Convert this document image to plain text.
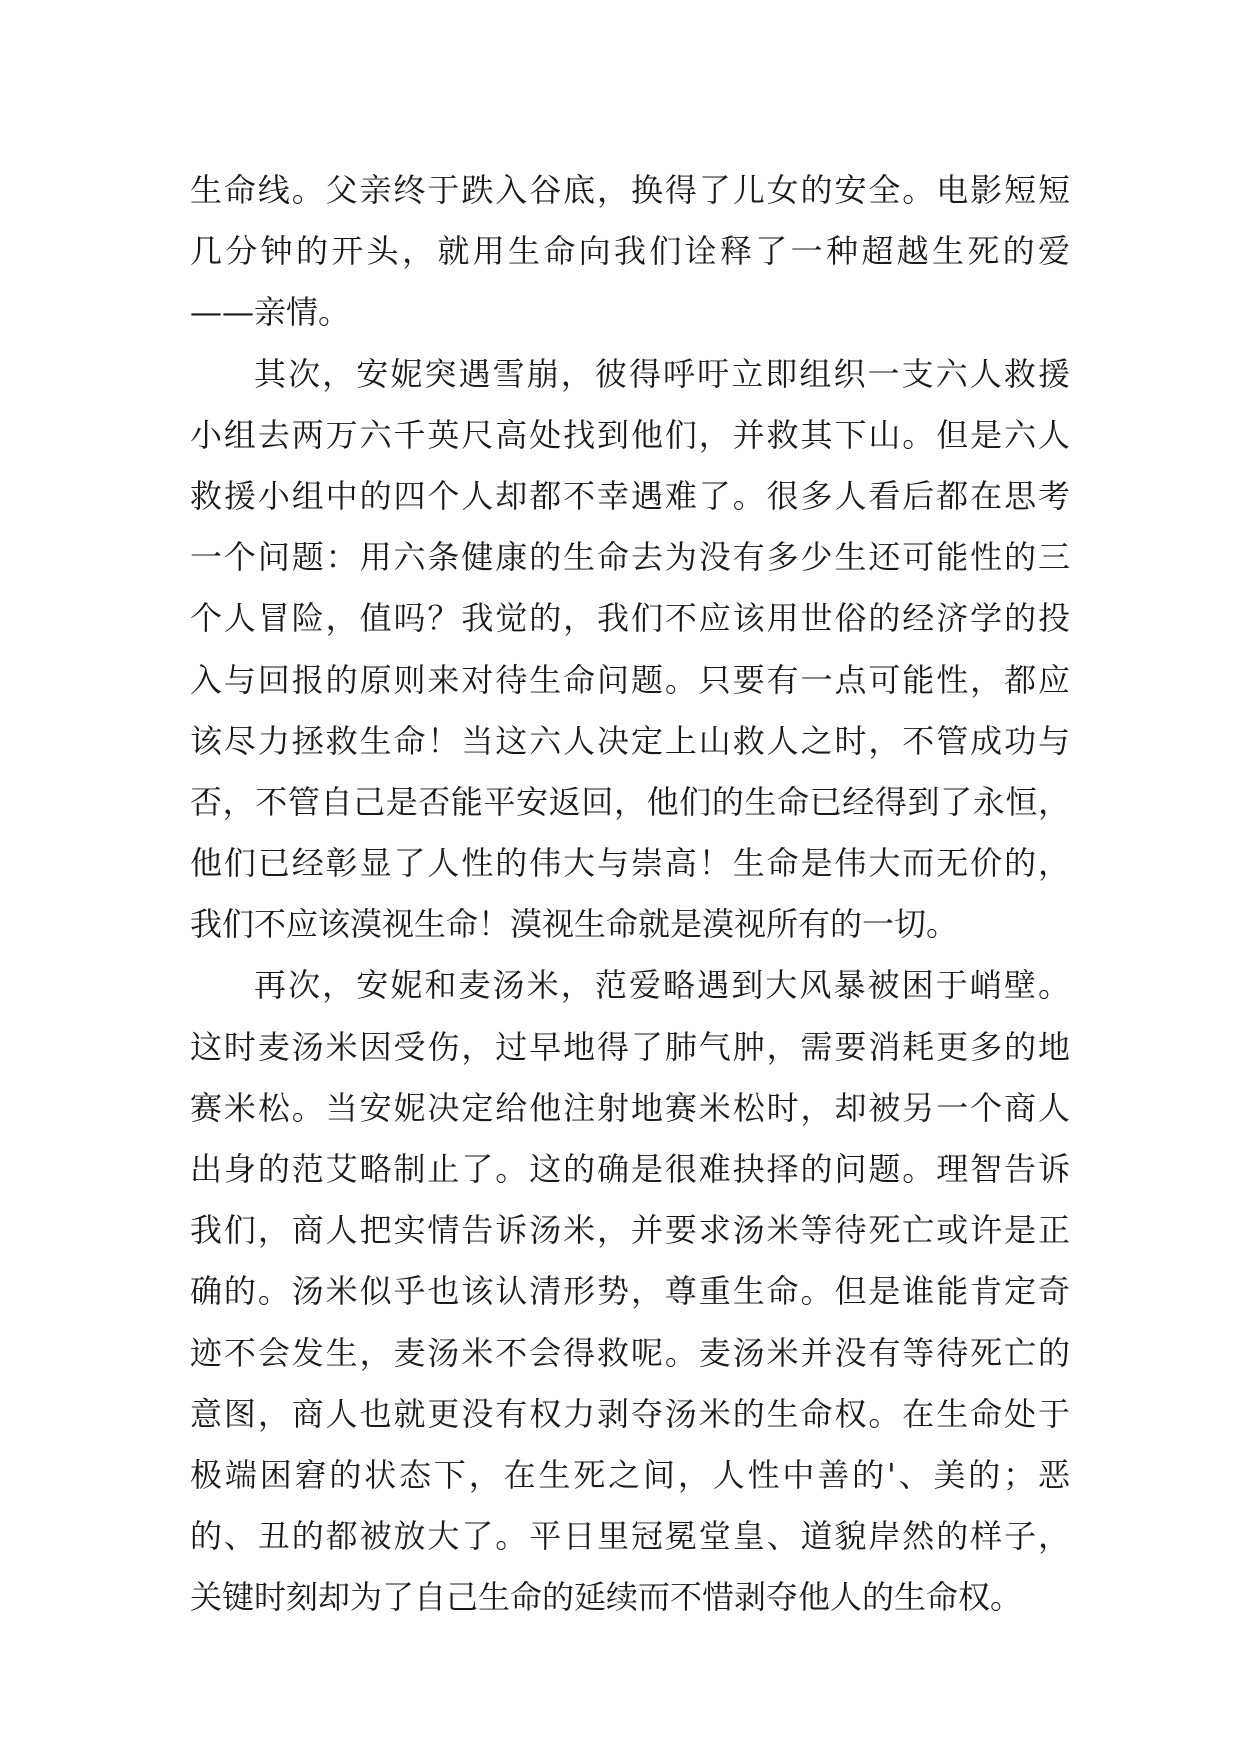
生命线。父亲终于跌入谷底，换得了儿女的安全。电影短短
几分钟的开头，就用生命向我们诠释了一种超越生死的爱
——亲情。
其次，安妮突遇雪崩，彼得呼吁立即组织一支六人救援
小组去两万六千英尺高处找到他们，并救其下山。但是六人
救援小组中的四个人却都不幸遇难了。很多人看后都在思考
一个问题：用六条健康的生命去为没有多少生还可能性的三
个人冒险，值吗？我觉的，我们不应该用世俗的经济学的投
入与回报的原则来对待生命问题。只要有一点可能性，都应
该尽力拯救生命！当这六人决定上山救人之时，不管成功与
否，不管自己是否能平安返回，他们的生命已经得到了永恒，
他们已经彰显了人性的伟大与崇高！生命是伟大而无价的，
我们不应该漠视生命！漠视生命就是漠视所有的一切。
再次，安妮和麦汤米，范爱略遇到大风暴被困于峭壁。
这时麦汤米因受伤，过早地得了肺气肿，需要消耗更多的地
赛米松。当安妮决定给他注射地赛米松时，却被另一个商人
出身的范艾略制止了。这的确是很难抉择的问题。理智告诉
我们，商人把实情告诉汤米，并要求汤米等待死亡或许是正
确的。汤米似乎也该认清形势，尊重生命。但是谁能肯定奇
迹不会发生，麦汤米不会得救呢。麦汤米并没有等待死亡的
意图，商人也就更没有权力剥夺汤米的生命权。在生命处于
极端困窘的状态下，在生死之间，人性中善的'、美的；恶
的、丑的都被放大了。平日里冠冕堂皇、道貌岸然的样子，
关键时刻却为了自己生命的延续而不惜剥夺他人的生命权。
